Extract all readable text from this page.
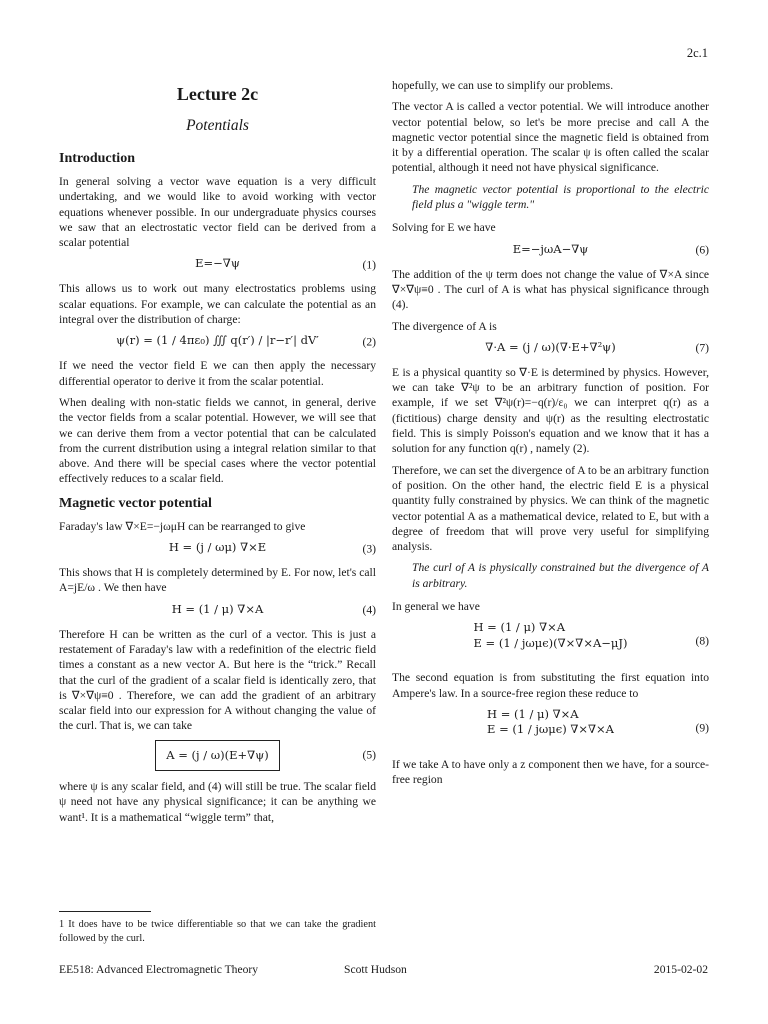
2c.1
Lecture 2c
Potentials
Introduction

In general solving a vector wave equation is a very difficult undertaking, and we would like to avoid working with vector equations whenever possible. In our undergraduate physics courses we saw that an electrostatic vector field can be derived from a scalar potential

E=−∇ψ	(1)

This allows us to work out many electrostatics problems using scalar equations. For example, we can calculate the potential as an integral over the distribution of charge:

ψ(r) = (1 / 4πε₀) ∭ q(r′) / |r−r′| dV′	(2)

If we need the vector field E we can then apply the necessary differential operator to derive it from the scalar potential.

When dealing with non-static fields we cannot, in general, derive the vector fields from a scalar potential. However, we will see that we can derive them from a vector potential that can be calculated from the current distribution using a integral relation similar to that above. And there will be special cases where the vector potential effectively reduces to a scalar field.

Magnetic vector potential

Faraday's law ∇×E=−jωμH can be rearranged to give

H = (j / ωμ) ∇×E	(3)

This shows that H is completely determined by E. For now, let's call A=jE/ω . We then have

H = (1 / μ) ∇×A	(4)

Therefore H can be written as the curl of a vector. This is just a restatement of Faraday's law with a redefinition of the electric field times a constant as a new vector A. But here is the “trick.” Recall that the curl of the gradient of a scalar field is identically zero, that is ∇×∇ψ≡0 . Therefore, we can add the gradient of an arbitrary scalar field into our expression for A without changing the value of the curl. That is, we can take

A = (j / ω)(E+∇ψ)	(5)

where ψ is any scalar field, and (4) will still be true. The scalar field ψ need not have any physical significance; it can be anything we want¹. It is a mathematical “wiggle term” that,

hopefully, we can use to simplify our problems.

The vector A is called a vector potential. We will introduce another vector potential below, so let's be more precise and call A the magnetic vector potential since the magnetic field is obtained from it by a differential operation. The scalar ψ is often called the scalar potential, although it need not have physical significance.

The magnetic vector potential is proportional to the electric field plus a "wiggle term."

Solving for E we have

E=−jωA−∇ψ	(6)

The addition of the ψ term does not change the value of ∇×A since ∇×∇ψ≡0 . The curl of A is what has physical significance through (4).

The divergence of A is

∇·A = (j / ω)(∇·E+∇²ψ)	(7)

E is a physical quantity so ∇·E is determined by physics. However, we can take ∇²ψ to be an arbitrary function of position. For example, if we set ∇²ψ(r)=−q(r)/ε₀ we can interpret q(r) as a (fictitious) charge density and ψ(r) as the resulting electrostatic field. This is simply Poisson's equation and we know that it has a solution for any function q(r) , namely (2).

Therefore, we can set the divergence of A to be an arbitrary function of position. On the other hand, the electric field E is a physical quantity fully constrained by physics. We can think of the magnetic vector potential A as a mathematical device, related to E, but with a degree of freedom that will prove very useful for simplifying analysis.

The curl of A is physically constrained but the divergence of A is arbitrary.

In general we have

H = (1 / μ) ∇×A
E = (1 / jωμϵ)(∇×∇×A−μJ)	(8)

The second equation is from substituting the first equation into Ampere's law. In a source-free region these reduce to

H = (1 / μ) ∇×A
E = (1 / jωμϵ) ∇×∇×A	(9)

If we take A to have only a z component then we have, for a source-free region

1 It does have to be twice differentiable so that we can take the gradient followed by the curl.
EE518: Advanced Electromagnetic Theory	Scott Hudson	2015-02-02
